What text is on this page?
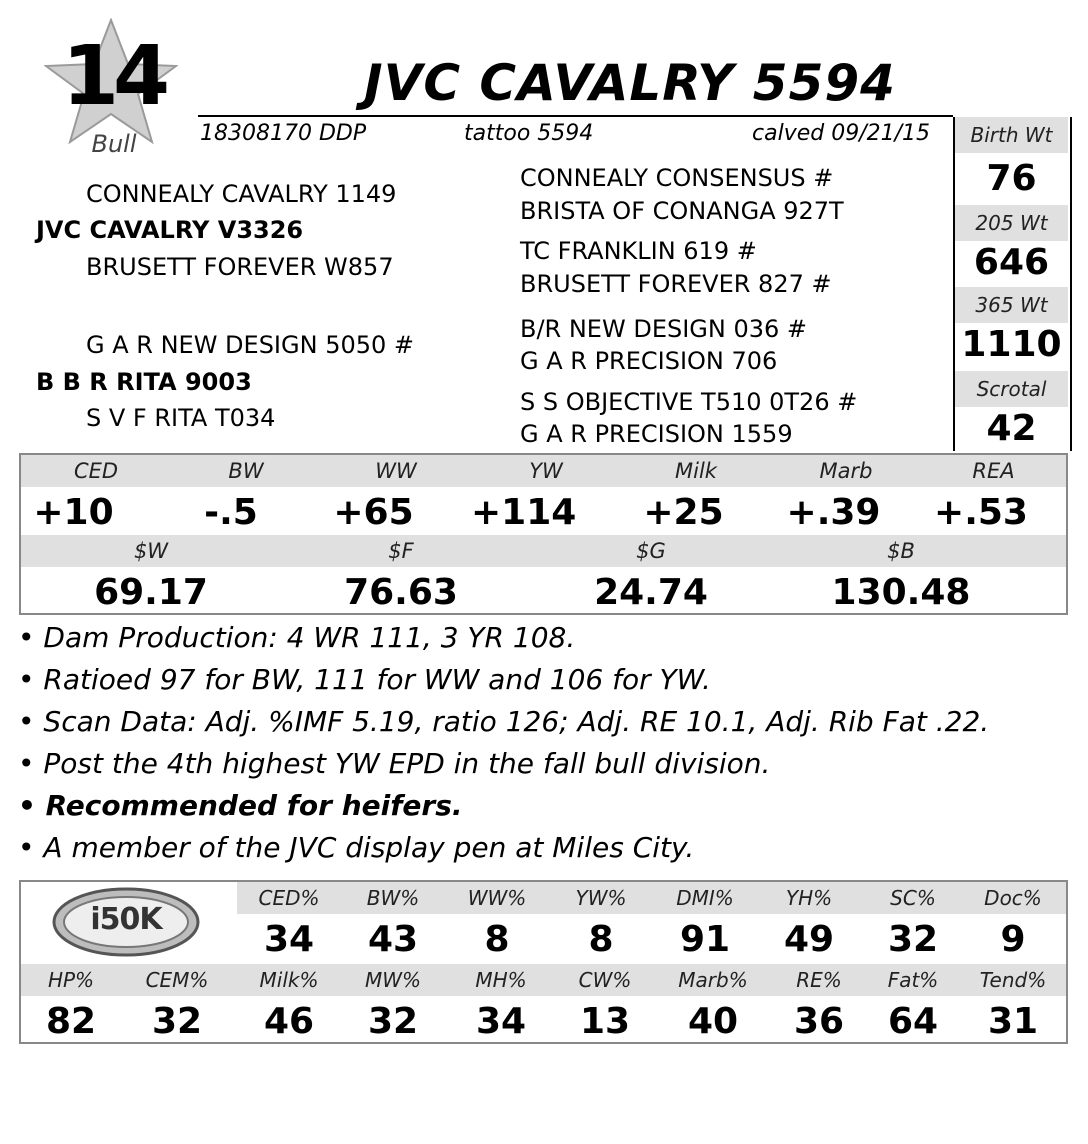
14
Bull
JVC CAVALRY 5594
18308170 DDP	tattoo 5594	calved 09/21/15	Birth Wt
76
205 Wt
646
365 Wt
1110
Scrotal
42
CONNEALY CAVALRY 1149
JVC CAVALRY V3326
BRUSETT FOREVER W857
CONNEALY CONSENSUS #
BRISTA OF CONANGA 927T
TC FRANKLIN 619 #
BRUSETT FOREVER 827 #
G A R NEW DESIGN 5050 #
B B R RITA 9003
S V F RITA T034
B/R NEW DESIGN 036 #
G A R PRECISION 706
S S OBJECTIVE T510 0T26 #
G A R PRECISION 1559
CED	BW	WW	YW	Milk	Marb	REA
+10	-.5	+65	+114	+25	+.39	+.53
$W	$F	$G	$B
69.17	76.63	24.74	130.48
• Dam Production: 4 WR 111, 3 YR 108.
• Ratioed 97 for BW, 111 for WW and 106 for YW.
• Scan Data: Adj. %IMF 5.19, ratio 126; Adj. RE 10.1, Adj. Rib Fat .22.
• Post the 4th highest YW EPD in the fall bull division.
• Recommended for heifers.
• A member of the JVC display pen at Miles City.
i50K
CED%	BW%	WW%	YW%	DMI%	YH%	SC%	Doc%
34	43	8	8	91	49	32	9
HP%	CEM%	Milk%	MW%	MH%	CW%	Marb%	RE%	Fat%	Tend%
82	32	46	32	34	13	40	36	64	31
